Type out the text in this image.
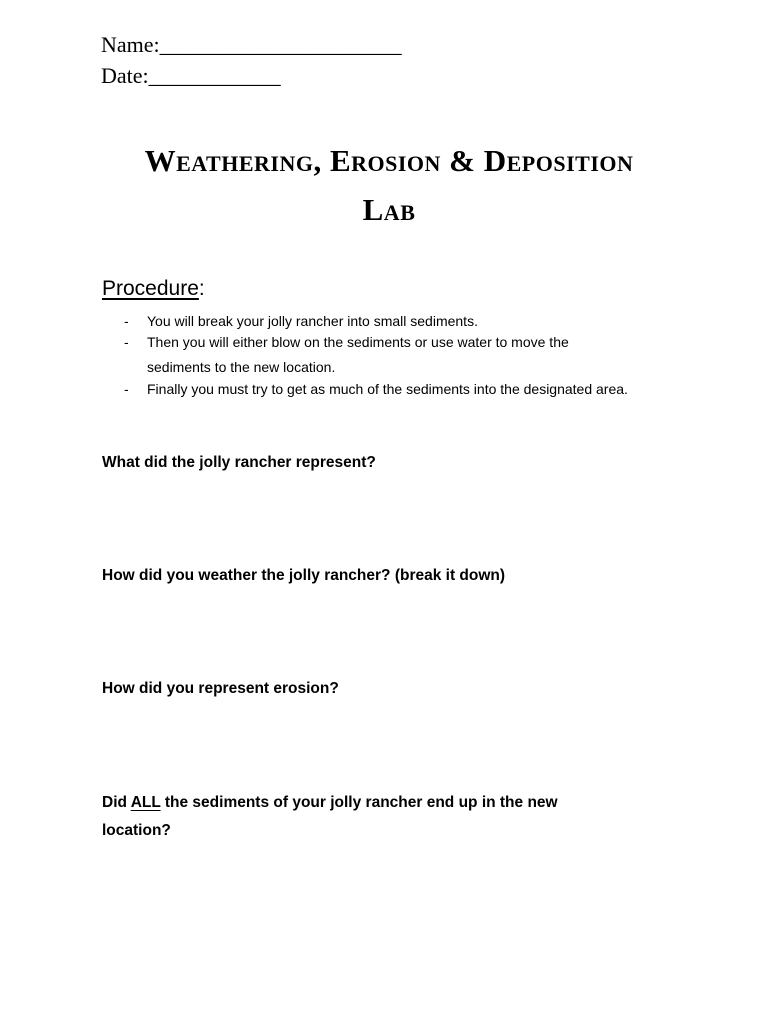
Name:______________________
Date:____________
Weathering, Erosion & Deposition
Lab
Procedure:
- You will break your jolly rancher into small sediments.
- Then you will either blow on the sediments or use water to move the
sediments to the new location.
- Finally you must try to get as much of the sediments into the designated area.
What did the jolly rancher represent?
How did you weather the jolly rancher? (break it down)
How did you represent erosion?
Did ALL the sediments of your jolly rancher end up in the new
location?
